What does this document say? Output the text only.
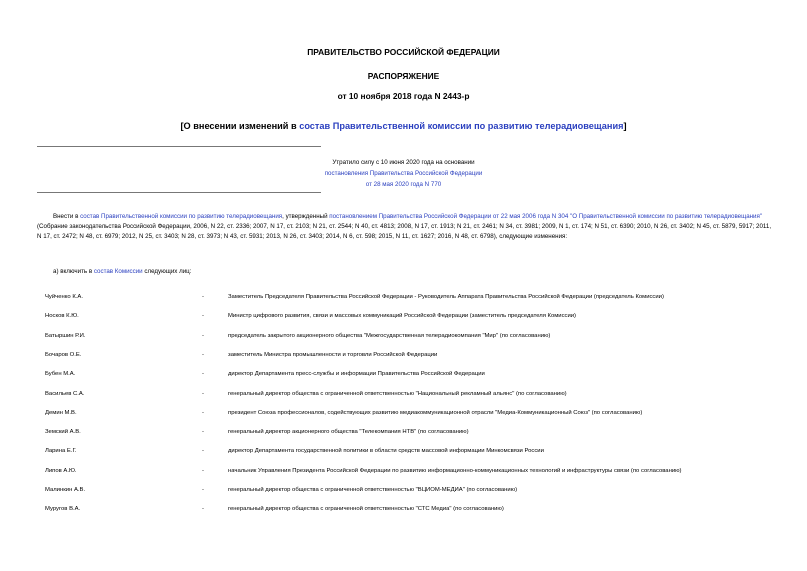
ПРАВИТЕЛЬСТВО РОССИЙСКОЙ ФЕДЕРАЦИИ
РАСПОРЯЖЕНИЕ
от 10 ноября 2018 года N 2443-р
[О внесении изменений в состав Правительственной комиссии по развитию телерадиовещания]
Утратило силу с 10 июня 2020 года на основании
постановления Правительства Российской Федерации
от 28 мая 2020 года N 770
Внести в состав Правительственной комиссии по развитию телерадиовещания, утвержденный постановлением Правительства Российской Федерации от 22 мая 2006 года N 304 "О Правительственной комиссии по развитию телерадиовещания" (Собрание законодательства Российской Федерации, 2006, N 22, ст. 2336; 2007, N 17, ст. 2103; N 21, ст. 2544; N 40, ст. 4813; 2008, N 17, ст. 1913; N 21, ст. 2461; N 34, ст. 3981; 2009, N 1, ст. 174; N 51, ст. 6390; 2010, N 26, ст. 3402; N 45, ст. 5879, 5917; 2011, N 17, ст. 2472; N 48, ст. 6979; 2012, N 25, ст. 3403; N 28, ст. 3973; N 43, ст. 5931; 2013, N 26, ст. 3403; 2014, N 6, ст. 598; 2015, N 11, ст. 1627; 2016, N 48, ст. 6798), следующие изменения:
а) включить в состав Комиссии следующих лиц:
Чуйченко К.А.	-	Заместитель Председателя Правительства Российской Федерации - Руководитель Аппарата Правительства Российской Федерации (председатель Комиссии)
Носков К.Ю.	-	Министр цифрового развития, связи и массовых коммуникаций Российской Федерации (заместитель председателя Комиссии)
Батыршин Р.И.	-	председатель закрытого акционерного общества "Межгосударственная телерадиокомпания "Мир" (по согласованию)
Бочаров О.Е.	-	заместитель Министра промышленности и торговли Российской Федерации
Бубен М.А.	-	директор Департамента пресс-службы и информации Правительства Российской Федерации
Васильев С.А.	-	генеральный директор общества с ограниченной ответственностью "Национальный рекламный альянс" (по согласованию)
Демин М.В.	-	президент Союза профессионалов, содействующих развитию медиакоммуникационной отрасли "Медиа-Коммуникационный Союз" (по согласованию)
Земский А.В.	-	генеральный директор акционерного общества "Телекомпания НТВ" (по согласованию)
Ларина Е.Г.	-	директор Департамента государственной политики в области средств массовой информации Минкомсвязи России
Липов А.Ю.	-	начальник Управления Президента Российской Федерации по развитию информационно-коммуникационных технологий и инфраструктуры связи (по согласованию)
Малинкин А.В.	-	генеральный директор общества с ограниченной ответственностью "ВЦИОМ-МЕДИА" (по согласованию)
Муругов В.А.	-	генеральный директор общества с ограниченной ответственностью "СТС Медиа" (по согласованию)
